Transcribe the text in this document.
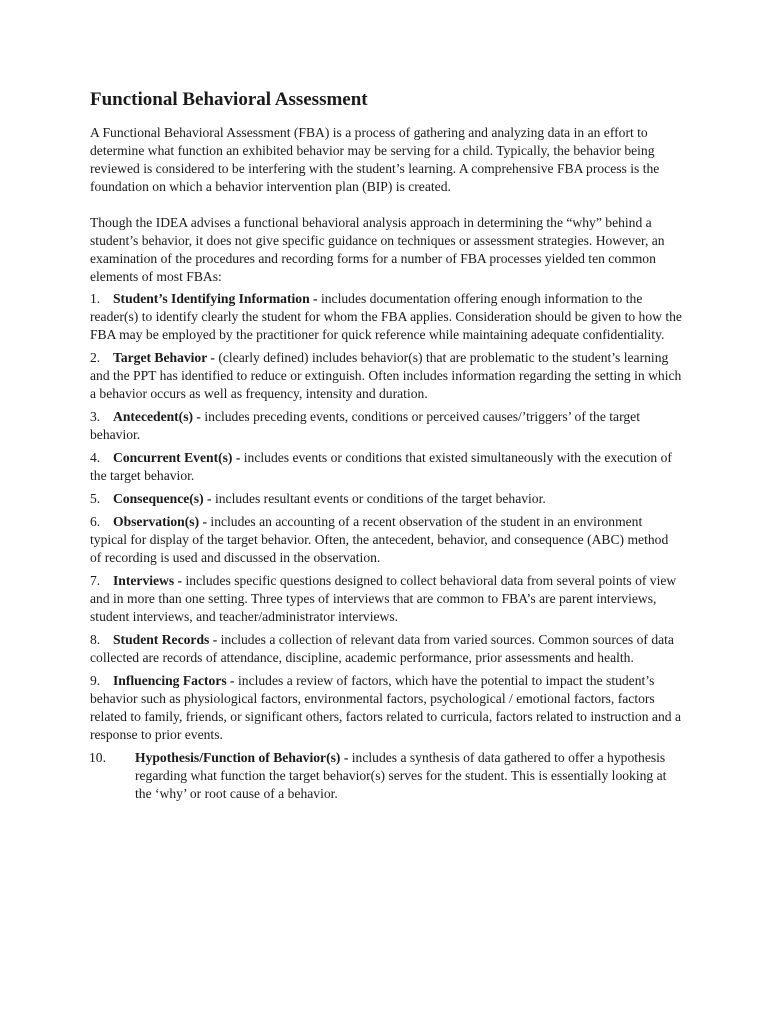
Functional Behavioral Assessment

A Functional Behavioral Assessment (FBA) is a process of gathering and analyzing data in an effort to determine what function an exhibited behavior may be serving for a child. Typically, the behavior being reviewed is considered to be interfering with the student’s learning. A comprehensive FBA process is the foundation on which a behavior intervention plan (BIP) is created.

Though the IDEA advises a functional behavioral analysis approach in determining the “why” behind a student’s behavior, it does not give specific guidance on techniques or assessment strategies. However, an examination of the procedures and recording forms for a number of FBA processes yielded ten common elements of most FBAs:

1. Student’s Identifying Information - includes documentation offering enough information to the reader(s) to identify clearly the student for whom the FBA applies. Consideration should be given to how the FBA may be employed by the practitioner for quick reference while maintaining adequate confidentiality.
2. Target Behavior - (clearly defined) includes behavior(s) that are problematic to the student’s learning and the PPT has identified to reduce or extinguish. Often includes information regarding the setting in which a behavior occurs as well as frequency, intensity and duration.
3. Antecedent(s) - includes preceding events, conditions or perceived causes/’triggers’ of the target behavior.
4. Concurrent Event(s) - includes events or conditions that existed simultaneously with the execution of the target behavior.
5. Consequence(s) - includes resultant events or conditions of the target behavior.
6. Observation(s) - includes an accounting of a recent observation of the student in an environment typical for display of the target behavior. Often, the antecedent, behavior, and consequence (ABC) method of recording is used and discussed in the observation.
7. Interviews - includes specific questions designed to collect behavioral data from several points of view and in more than one setting. Three types of interviews that are common to FBA’s are parent interviews, student interviews, and teacher/administrator interviews.
8. Student Records - includes a collection of relevant data from varied sources. Common sources of data collected are records of attendance, discipline, academic performance, prior assessments and health.
9. Influencing Factors - includes a review of factors, which have the potential to impact the student’s behavior such as physiological factors, environmental factors, psychological / emotional factors, factors related to family, friends, or significant others, factors related to curricula, factors related to instruction and a response to prior events.
10. Hypothesis/Function of Behavior(s) - includes a synthesis of data gathered to offer a hypothesis regarding what function the target behavior(s) serves for the student. This is essentially looking at the ‘why’ or root cause of a behavior.
